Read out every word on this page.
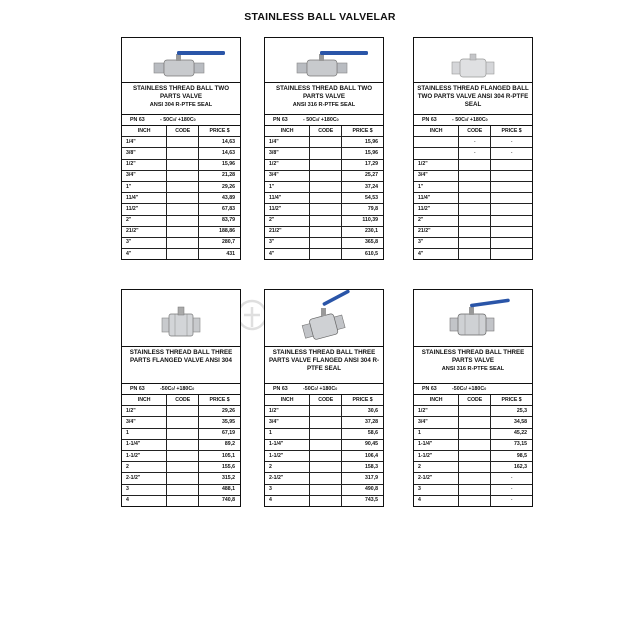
STAINLESS BALL VALVELAR
STAINLESS THREAD BALL TWO PARTS VALVE
ANSI 304 R-PTFE SEAL
PN 63	- 50C 0 / +180C 0
INCH	CODE	PRICE $
1/4"		14,63
3/8"		14,63
1/2"		15,96
3/4"		21,28
1"		29,26
11/4"		43,89
11/2"		67,83
2"		83,79
21/2"		188,86
3"		280,7
4"		431
STAINLESS THREAD BALL TWO PARTS VALVE
ANSI 316 R-PTFE SEAL
PN 63	- 50C 0 / +180C 0
INCH	CODE	PRICE $
1/4"		15,96
3/8"		15,96
1/2"		17,29
3/4"		25,27
1"		37,24
11/4"		54,53
11/2"		79,8
2"		110,39
21/2"		230,1
3"		365,8
4"		610,5
STAINLESS THREAD FLANGED BALL TWO PARTS VALVE ANSI 304 R-PTFE SEAL
PN 63	- 50C 0 / +180C 0
INCH	CODE	PRICE $
	-	-
	-	-
1/2"		
3/4"		
1"		
11/4"		
11/2"		
2"		
21/2"		
3"		
4"		
STAINLESS THREAD BALL THREE PARTS FLANGED VALVE ANSI 304
PN 63	-50C 0 / +180C 0
INCH	CODE	PRICE $
1/2"		29,26
3/4"		35,95
1		67,19
1-1/4"		89,2
1-1/2"		105,1
2		155,6
2-1/2"		315,2
3		488,1
4		740,8
STAINLESS THREAD BALL THREE PARTS VALVE FLANGED ANSI 304 R-PTFE SEAL
PN 63	-50C 0 / +180C 0
INCH	CODE	PRICE $
1/2"		30,6
3/4"		37,28
1		58,6
1-1/4"		90,45
1-1/2"		106,4
2		158,3
2-1/2"		317,9
3		490,8
4		743,5
STAINLESS THREAD BALL THREE PARTS VALVE
ANSI 316 R-PTFE SEAL
PN 63	-50C 0 / +180C 0
INCH	CODE	PRICE $
1/2"		25,3
3/4"		34,58
1		45,22
1-1/4"		73,15
1-1/2"		98,5
2		162,3
2-1/2"		-
3		-
4		-
